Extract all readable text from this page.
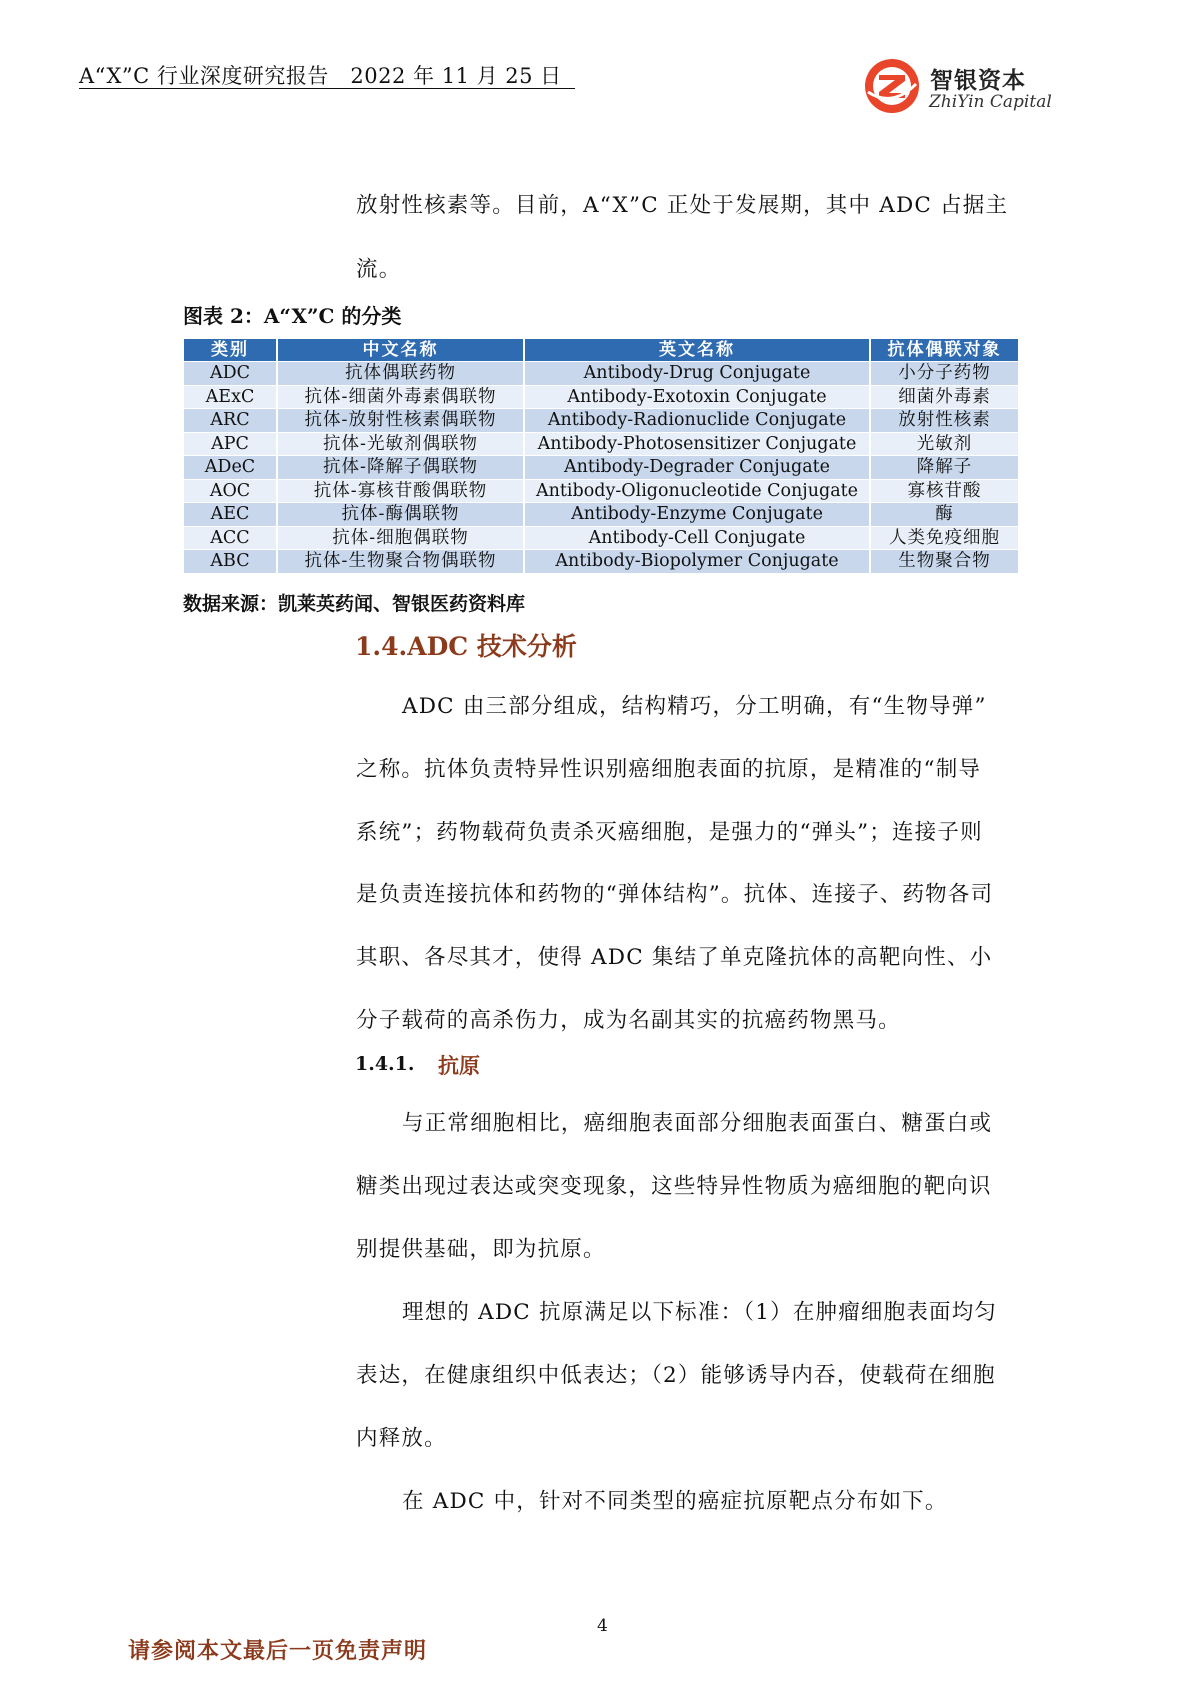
A“X”C 行业深度研究报告　2022 年 11 月 25 日	智银资本
ZhiYin Capital
放射性核素等。目前，A“X”C 正处于发展期，其中 ADC 占据主
流。
图表 2：A“X”C 的分类
类别	中文名称	英文名称	抗体偶联对象
ADC	抗体偶联药物	Antibody-Drug Conjugate	小分子药物
AExC	抗体-细菌外毒素偶联物	Antibody-Exotoxin Conjugate	细菌外毒素
ARC	抗体-放射性核素偶联物	Antibody-Radionuclide Conjugate	放射性核素
APC	抗体-光敏剂偶联物	Antibody-Photosensitizer Conjugate	光敏剂
ADeC	抗体-降解子偶联物	Antibody-Degrader Conjugate	降解子
AOC	抗体-寡核苷酸偶联物	Antibody-Oligonucleotide Conjugate	寡核苷酸
AEC	抗体-酶偶联物	Antibody-Enzyme Conjugate	酶
ACC	抗体-细胞偶联物	Antibody-Cell Conjugate	人类免疫细胞
ABC	抗体-生物聚合物偶联物	Antibody-Biopolymer Conjugate	生物聚合物
数据来源：凯莱英药闻、智银医药资料库
1.4.ADC 技术分析
ADC 由三部分组成，结构精巧，分工明确，有“生物导弹”
之称。抗体负责特异性识别癌细胞表面的抗原，是精准的“制导
系统”；药物载荷负责杀灭癌细胞，是强力的“弹头”；连接子则
是负责连接抗体和药物的“弹体结构”。抗体、连接子、药物各司
其职、各尽其才，使得 ADC 集结了单克隆抗体的高靶向性、小
分子载荷的高杀伤力，成为名副其实的抗癌药物黑马。
1.4.1. 抗原
与正常细胞相比，癌细胞表面部分细胞表面蛋白、糖蛋白或
糖类出现过表达或突变现象，这些特异性物质为癌细胞的靶向识
别提供基础，即为抗原。
理想的 ADC 抗原满足以下标准：（1）在肿瘤细胞表面均匀
表达，在健康组织中低表达；（2）能够诱导内吞，使载荷在细胞
内释放。
在 ADC 中，针对不同类型的癌症抗原靶点分布如下。
4
请参阅本文最后一页免责声明
